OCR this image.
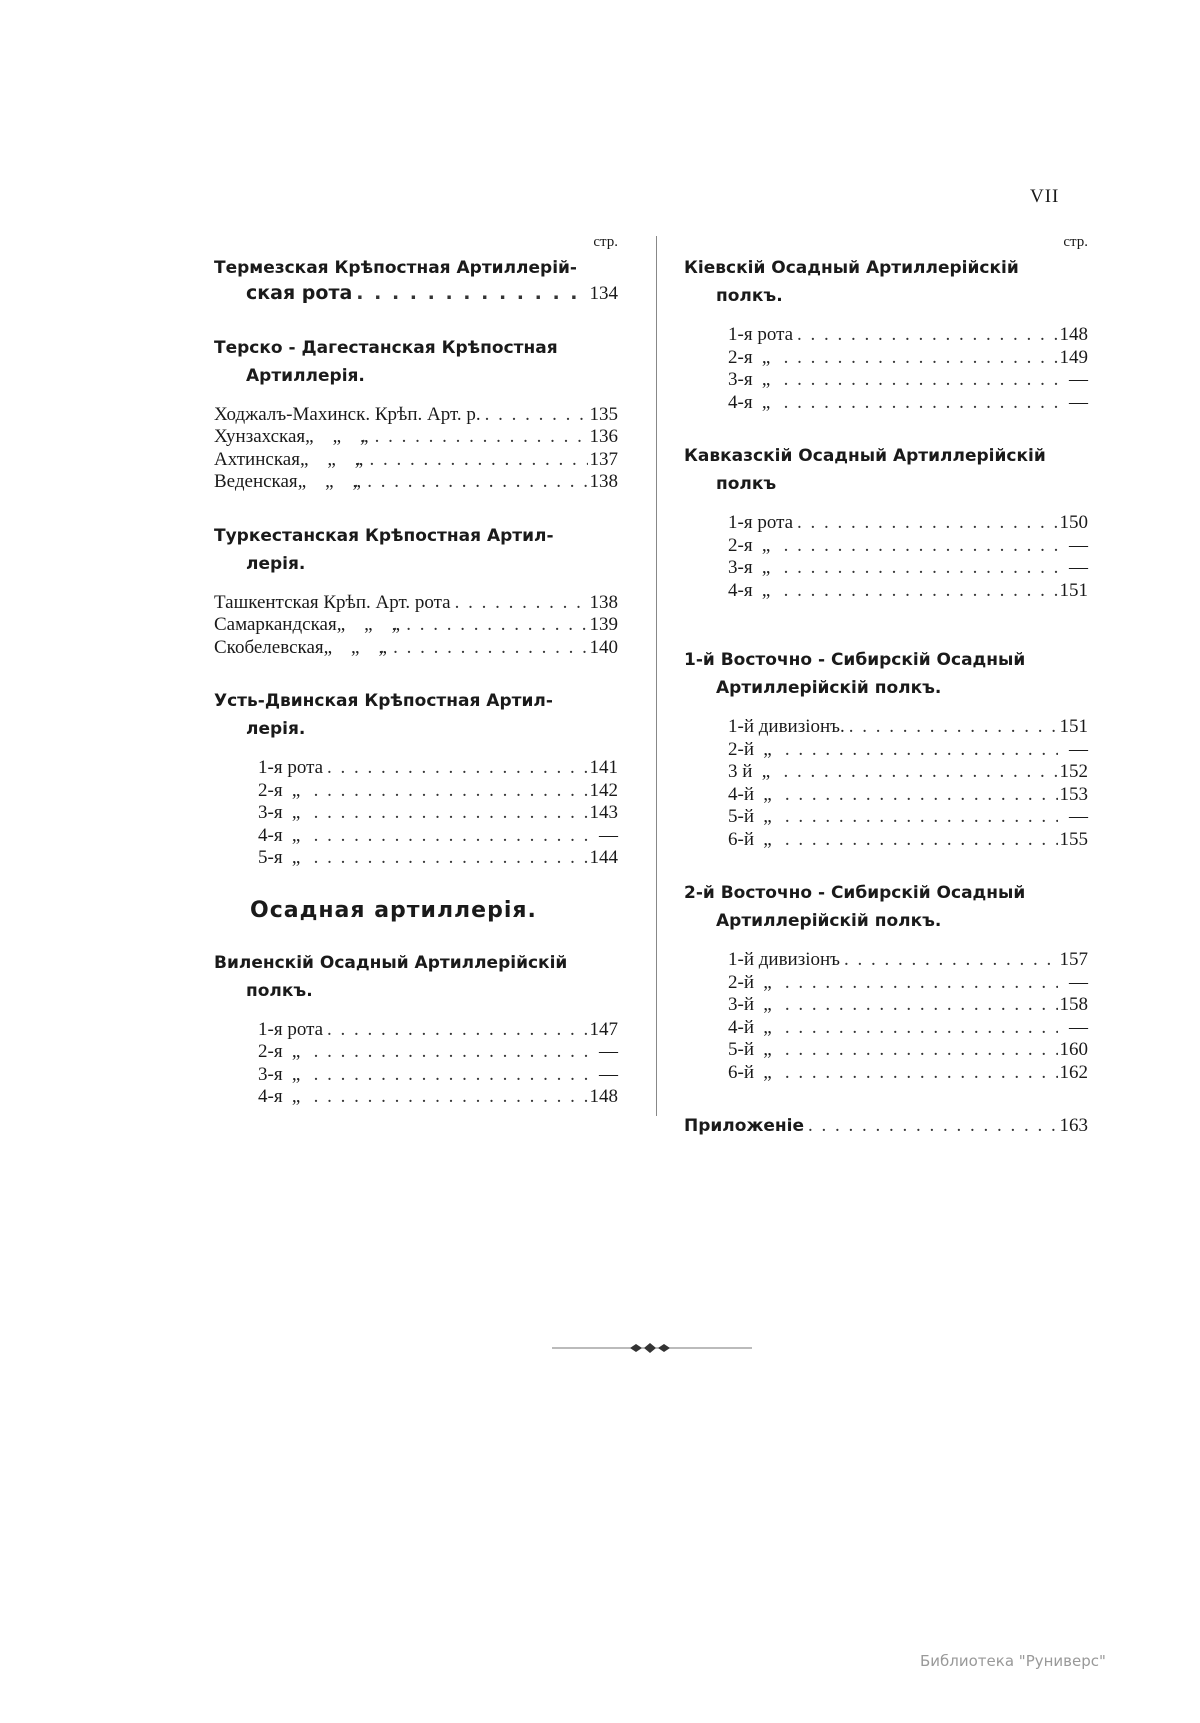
VII
стр.
Термезская Крѣпостная Артиллерій-
ская рота . . .	134
Терско - Дагестанская Крѣпостная
Артиллерія.
Ходжалъ-Махинск. Крѣп. Арт. р. . . .	135
Хунзахская „    „    „ . . .	136
Ахтинская „    „    „ . . .	137
Веденская „    „    „ . . .	138
Туркестанская Крѣпостная Артил-
лерія.
Ташкентская Крѣп. Арт. рота . . .	138
Самаркандская „    „    „ . . .	139
Скобелевская „    „    „ . . .	140
Усть-Двинская Крѣпостная Артил-
лерія.
1-я рота . . .	141
2-я „ . . .	142
3-я „ . . .	143
4-я „ . . .	—
5-я „ . . .	144
Осадная артиллерія.
Виленскій Осадный Артиллерійскій
полкъ.
1-я рота . . .	147
2-я „ . . .	—
3-я „ . . .	—
4-я „ . . .	148
стр.
Кіевскій Осадный Артиллерійскій
полкъ.
1-я рота . . .	148
2-я „ . . .	149
3-я „ . . .	—
4-я „ . . .	—
Кавказскій Осадный Артиллерійскій
полкъ
1-я рота . . .	150
2-я „ . . .	—
3-я „ . . .	—
4-я „ . . .	151
1-й Восточно - Сибирскій Осадный
Артиллерійскій полкъ.
1-й дивизіонъ. . . .	151
2-й „ . . .	—
3 й „ . . .	152
4-й „ . . .	153
5-й „ . . .	—
6-й „ . . .	155
2-й Восточно - Сибирскій Осадный
Артиллерійскій полкъ.
1-й дивизіонъ . . .	157
2-й „ . . .	—
3-й „ . . .	158
4-й „ . . .	—
5-й „ . . .	160
6-й „ . . .	162
Приложеніе . . .	163
Библиотека "Руниверс"
